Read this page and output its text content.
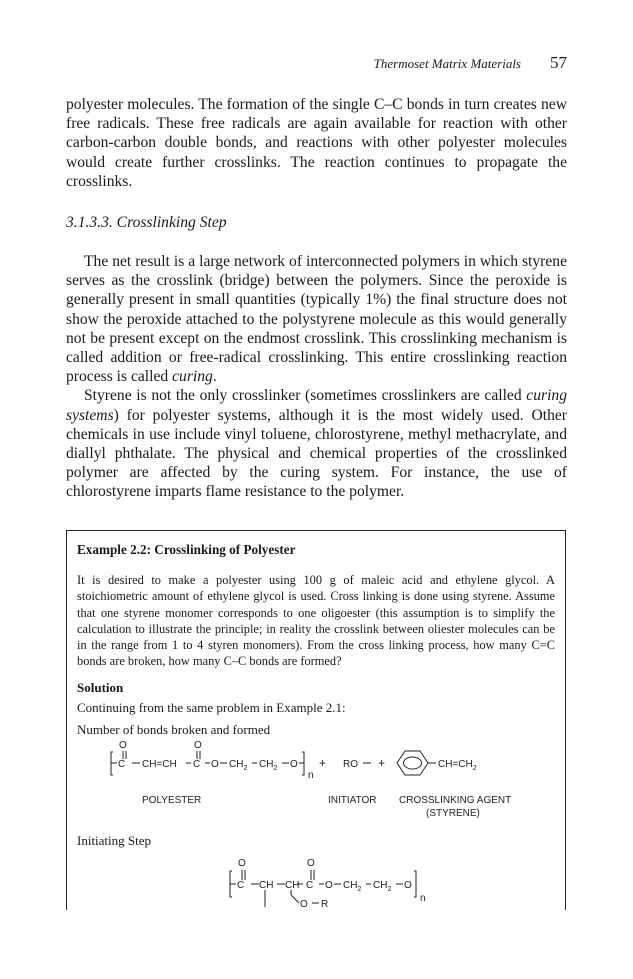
Thermoset Matrix Materials 57

polyester molecules. The formation of the single C–C bonds in turn creates new free radicals. These free radicals are again available for reaction with other carbon-carbon double bonds, and reactions with other polyester molecules would create further crosslinks. The reaction continues to propagate the crosslinks.

3.1.3.3. Crosslinking Step

The net result is a large network of interconnected polymers in which styrene serves as the crosslink (bridge) between the polymers. Since the peroxide is generally present in small quantities (typically 1%) the final structure does not show the peroxide attached to the polystyrene molecule as this would generally not be present except on the endmost crosslink. This crosslinking mechanism is called addition or free-radical crosslinking. This entire crosslinking reaction process is called curing.

Styrene is not the only crosslinker (sometimes crosslinkers are called curing systems) for polyester systems, although it is the most widely used. Other chemicals in use include vinyl toluene, chlorostyrene, methyl methacrylate, and diallyl phthalate. The physical and chemical properties of the crosslinked polymer are affected by the curing system. For instance, the use of chlorostyrene imparts flame resistance to the polymer.

Example 2.2: Crosslinking of Polyester
It is desired to make a polyester using 100 g of maleic acid and ethylene glycol. A stoichiometric amount of ethylene glycol is used. Cross linking is done using styrene. Assume that one styrene monomer corresponds to one oligoester (this assumption is to simplify the calculation to illustrate the principle; in reality the crosslink between oliester molecules can be in the range from 1 to 4 styren monomers). From the cross linking process, how many C=C bonds are broken, how many C–C bonds are formed?
Solution
Continuing from the same problem in Example 2.1:
Number of bonds broken and formed
Initiating Step
O
C CH=CH
O
C O $CH_2$ $CH_2$ O
n
POLYESTER
+ RO +
INITIATOR
$CH=CH_2$
CROSSLINKING AGENT
(STYRENE)
O
C CH CH
O
C O $CH_2$ $CH_2$ O
n
O R
